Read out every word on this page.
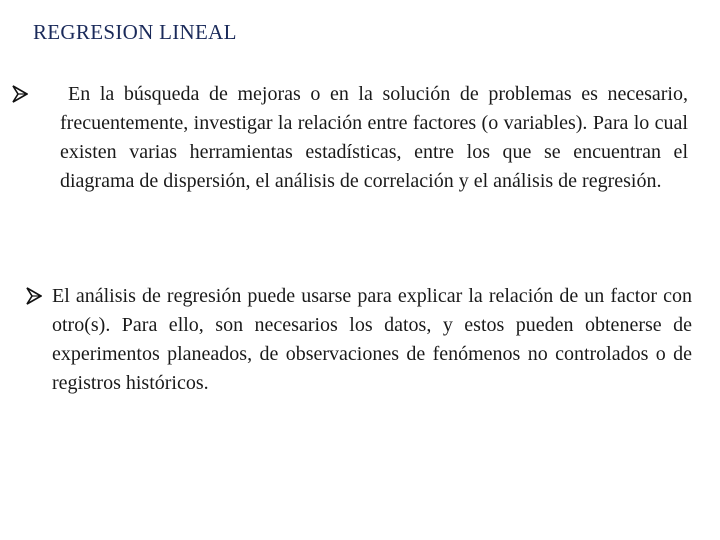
REGRESION LINEAL

En la búsqueda de mejoras o en la solución de problemas es necesario, frecuentemente, investigar la relación entre factores (o variables). Para lo cual existen varias herramientas estadísticas, entre los que se encuentran el diagrama de dispersión, el análisis de correlación y el análisis de regresión.

El análisis de regresión puede usarse para explicar la relación de un factor con otro(s). Para ello, son necesarios los datos, y estos pueden obtenerse de experimentos planeados, de observaciones de fenómenos no controlados o de registros históricos.
